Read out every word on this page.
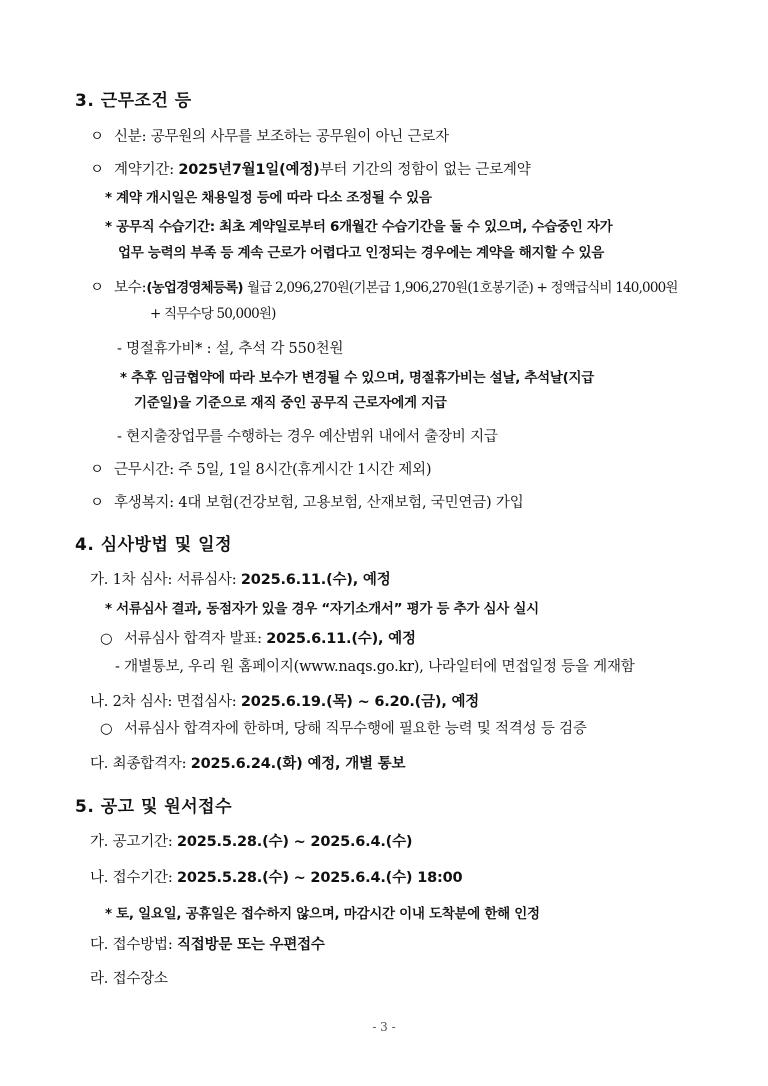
3. 근무조건 등
ㅇ 신분: 공무원의 사무를 보조하는 공무원이 아닌 근로자
ㅇ 계약기간: 2025년7월1일(예정)부터 기간의 정함이 없는 근로계약
* 계약 개시일은 채용일정 등에 따라 다소 조정될 수 있음
* 공무직 수습기간: 최초 계약일로부터 6개월간 수습기간을 둘 수 있으며, 수습중인 자가
업무 능력의 부족 등 계속 근로가 어렵다고 인정되는 경우에는 계약을 해지할 수 있음
ㅇ 보수:(농업경영체등록) 월급 2,096,270원(기본급 1,906,270원(1호봉기준) + 정액급식비 140,000원
+ 직무수당 50,000원)
- 명절휴가비* : 설, 추석 각 550천원
* 추후 임금협약에 따라 보수가 변경될 수 있으며, 명절휴가비는 설날, 추석날(지급
기준일)을 기준으로 재직 중인 공무직 근로자에게 지급
- 현지출장업무를 수행하는 경우 예산범위 내에서 출장비 지급
ㅇ 근무시간: 주 5일, 1일 8시간(휴게시간 1시간 제외)
ㅇ 후생복지: 4대 보험(건강보험, 고용보험, 산재보험, 국민연금) 가입
4. 심사방법 및 일정
가. 1차 심사: 서류심사: 2025.6.11.(수), 예정
* 서류심사 결과, 동점자가 있을 경우 “자기소개서” 평가 등 추가 심사 실시
○ 서류심사 합격자 발표: 2025.6.11.(수), 예정
- 개별통보, 우리 원 홈페이지(www.naqs.go.kr), 나라일터에 면접일정 등을 게재함
나. 2차 심사: 면접심사: 2025.6.19.(목) ~ 6.20.(금), 예정
○ 서류심사 합격자에 한하며, 당해 직무수행에 필요한 능력 및 적격성 등 검증
다. 최종합격자: 2025.6.24.(화) 예정, 개별 통보
5. 공고 및 원서접수
가. 공고기간: 2025.5.28.(수) ~ 2025.6.4.(수)
나. 접수기간: 2025.5.28.(수) ~ 2025.6.4.(수) 18:00
* 토, 일요일, 공휴일은 접수하지 않으며, 마감시간 이내 도착분에 한해 인정
다. 접수방법: 직접방문 또는 우편접수
라. 접수장소
- 3 -
